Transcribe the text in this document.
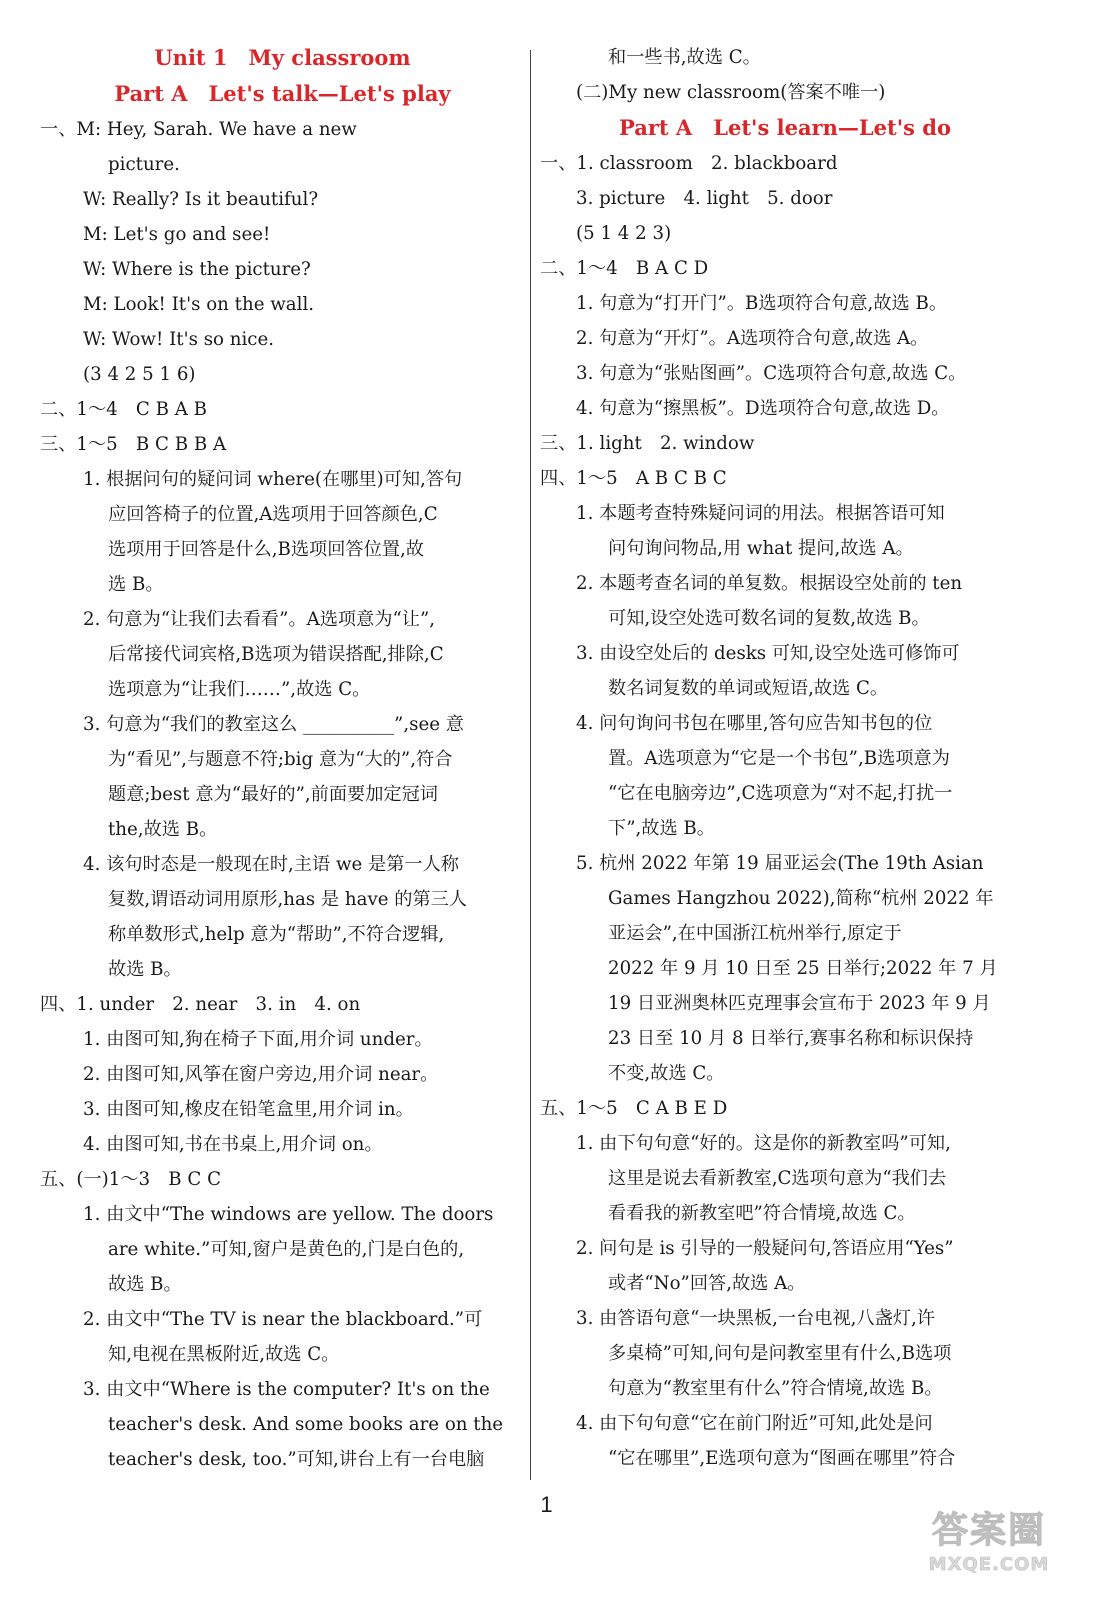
Unit 1　My classroom
Part A　Let's talk—Let's play
一、M: Hey, Sarah. We have a new
picture.
W: Really? Is it beautiful?
M: Let's go and see!
W: Where is the picture?
M: Look! It's on the wall.
W: Wow! It's so nice.
(3 4 2 5 1 6)
二、1～4　C B A B
三、1～5　B C B B A
1. 根据问句的疑问词 where(在哪里)可知,答句
应回答椅子的位置,A选项用于回答颜色,C
选项用于回答是什么,B选项回答位置,故
选 B。
2. 句意为“让我们去看看”。A选项意为“让”,
后常接代词宾格,B选项为错误搭配,排除,C
选项意为“让我们……”,故选 C。
3. 句意为“我们的教室这么 __________”,see 意
为“看见”,与题意不符;big 意为“大的”,符合
题意;best 意为“最好的”,前面要加定冠词
the,故选 B。
4. 该句时态是一般现在时,主语 we 是第一人称
复数,谓语动词用原形,has 是 have 的第三人
称单数形式,help 意为“帮助”,不符合逻辑,
故选 B。
四、1. under　2. near　3. in　4. on
1. 由图可知,狗在椅子下面,用介词 under。
2. 由图可知,风筝在窗户旁边,用介词 near。
3. 由图可知,橡皮在铅笔盒里,用介词 in。
4. 由图可知,书在书桌上,用介词 on。
五、(一)1～3　B C C
1. 由文中“The windows are yellow. The doors
are white.”可知,窗户是黄色的,门是白色的,
故选 B。
2. 由文中“The TV is near the blackboard.”可
知,电视在黑板附近,故选 C。
3. 由文中“Where is the computer? It's on the
teacher's desk. And some books are on the
teacher's desk, too.”可知,讲台上有一台电脑
和一些书,故选 C。
(二)My new classroom(答案不唯一)
Part A　Let's learn—Let's do
一、1. classroom　2. blackboard
3. picture　4. light　5. door
(5 1 4 2 3)
二、1～4　B A C D
1. 句意为“打开门”。B选项符合句意,故选 B。
2. 句意为“开灯”。A选项符合句意,故选 A。
3. 句意为“张贴图画”。C选项符合句意,故选 C。
4. 句意为“擦黑板”。D选项符合句意,故选 D。
三、1. light　2. window
四、1～5　A B C B C
1. 本题考查特殊疑问词的用法。根据答语可知
问句询问物品,用 what 提问,故选 A。
2. 本题考查名词的单复数。根据设空处前的 ten
可知,设空处选可数名词的复数,故选 B。
3. 由设空处后的 desks 可知,设空处选可修饰可
数名词复数的单词或短语,故选 C。
4. 问句询问书包在哪里,答句应告知书包的位
置。A选项意为“它是一个书包”,B选项意为
“它在电脑旁边”,C选项意为“对不起,打扰一
下”,故选 B。
5. 杭州 2022 年第 19 届亚运会(The 19th Asian
Games Hangzhou 2022),简称“杭州 2022 年
亚运会”,在中国浙江杭州举行,原定于
2022 年 9 月 10 日至 25 日举行;2022 年 7 月
19 日亚洲奥林匹克理事会宣布于 2023 年 9 月
23 日至 10 月 8 日举行,赛事名称和标识保持
不变,故选 C。
五、1～5　C A B E D
1. 由下句句意“好的。这是你的新教室吗”可知,
这里是说去看新教室,C选项句意为“我们去
看看我的新教室吧”符合情境,故选 C。
2. 问句是 is 引导的一般疑问句,答语应用“Yes”
或者“No”回答,故选 A。
3. 由答语句意“一块黑板,一台电视,八盏灯,许
多桌椅”可知,问句是问教室里有什么,B选项
句意为“教室里有什么”符合情境,故选 B。
4. 由下句句意“它在前门附近”可知,此处是问
“它在哪里”,E选项句意为“图画在哪里”符合
1
答案圈
MXQE.COM
